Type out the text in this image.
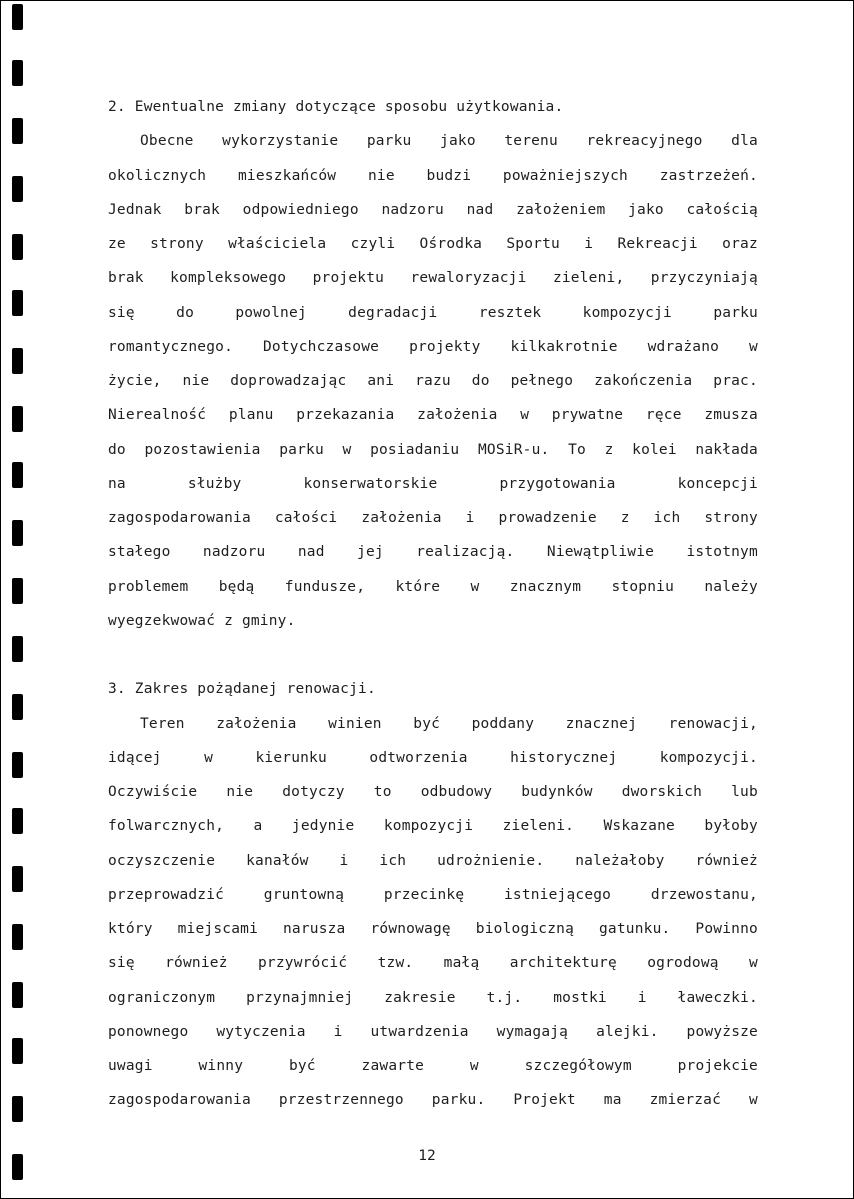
2. Ewentualne zmiany dotyczące sposobu użytkowania.
Obecne wykorzystanie parku jako terenu rekreacyjnego dla
okolicznych mieszkańców nie budzi poważniejszych zastrzeżeń.
Jednak brak odpowiedniego nadzoru nad założeniem jako całością
ze strony właściciela czyli Ośrodka Sportu i Rekreacji oraz
brak kompleksowego projektu rewaloryzacji zieleni, przyczyniają
się	do	powolnej	degradacji	resztek	kompozycji	parku
romantycznego. Dotychczasowe projekty kilkakrotnie wdrażano w
życie, nie doprowadzając ani razu do pełnego zakończenia prac.
Nierealność planu przekazania założenia w prywatne ręce zmusza
do pozostawienia parku w posiadaniu MOSiR-u. To z kolei nakłada
na	służby	konserwatorskie	przygotowania	koncepcji
zagospodarowania całości założenia i prowadzenie z ich strony
stałego nadzoru nad jej realizacją. Niewątpliwie istotnym
problemem będą fundusze, które w znacznym stopniu należy
wyegzekwować z gminy.
3. Zakres pożądanej renowacji.
Teren założenia winien być poddany znacznej renowacji,
idącej	w	kierunku	odtworzenia	historycznej	kompozycji.
Oczywiście nie dotyczy to odbudowy budynków dworskich lub
folwarcznych, a jedynie kompozycji zieleni. Wskazane byłoby
oczyszczenie kanałów i ich udrożnienie. należałoby również
przeprowadzić	gruntowną	przecinkę	istniejącego	drzewostanu,
który miejscami narusza równowagę biologiczną gatunku. Powinno
się również przywrócić tzw. małą architekturę ogrodową w
ograniczonym przynajmniej zakresie t.j. mostki i ławeczki.
ponownego wytyczenia i utwardzenia wymagają alejki. powyższe
uwagi	winny	być	zawarte	w	szczegółowym	projekcie
zagospodarowania przestrzennego parku. Projekt ma zmierzać w
12
